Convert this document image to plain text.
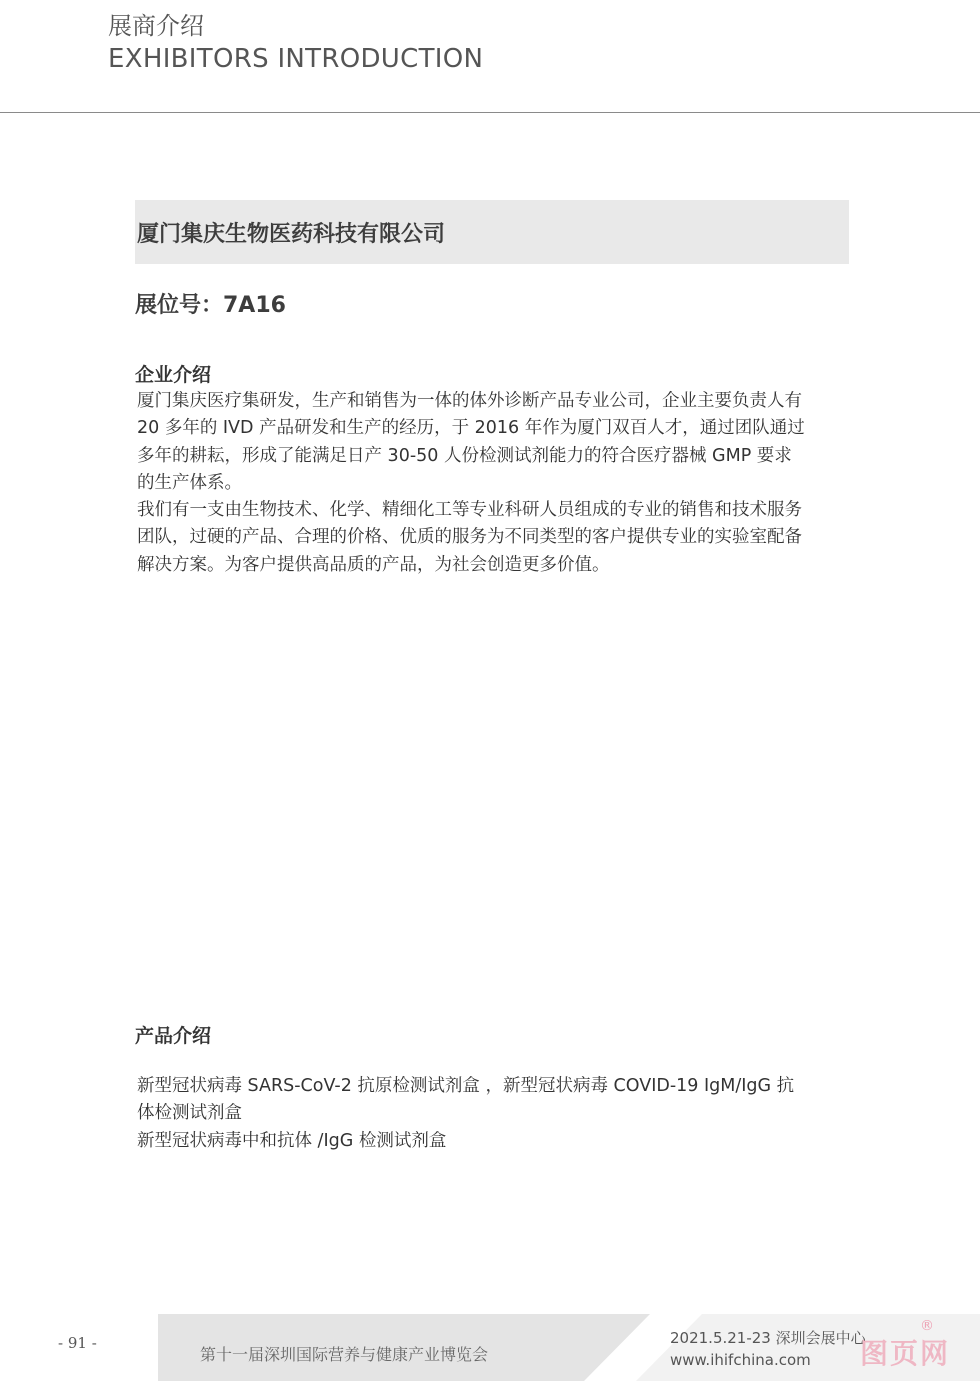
展商介绍
EXHIBITORS INTRODUCTION
厦门集庆生物医药科技有限公司
展位号：7A16
企业介绍

厦门集庆医疗集研发，生产和销售为一体的体外诊断产品专业公司，企业主要负责人有

20 多年的 IVD 产品研发和生产的经历，于 2016 年作为厦门双百人才，通过团队通过

多年的耕耘，形成了能满足日产 30-50 人份检测试剂能力的符合医疗器械 GMP 要求

的生产体系。

我们有一支由生物技术、化学、精细化工等专业科研人员组成的专业的销售和技术服务

团队，过硬的产品、合理的价格、优质的服务为不同类型的客户提供专业的实验室配备

解决方案。为客户提供高品质的产品，为社会创造更多价值。

产品介绍

新型冠状病毒 SARS-CoV-2 抗原检测试剂盒 ，新型冠状病毒 COVID-19 IgM/IgG 抗

体检测试剂盒

新型冠状病毒中和抗体 /IgG 检测试剂盒

- 91 -
第十一届深圳国际营养与健康产业博览会
2021.5.21-23 深圳会展中心
www.ihifchina.com 图页网
®
